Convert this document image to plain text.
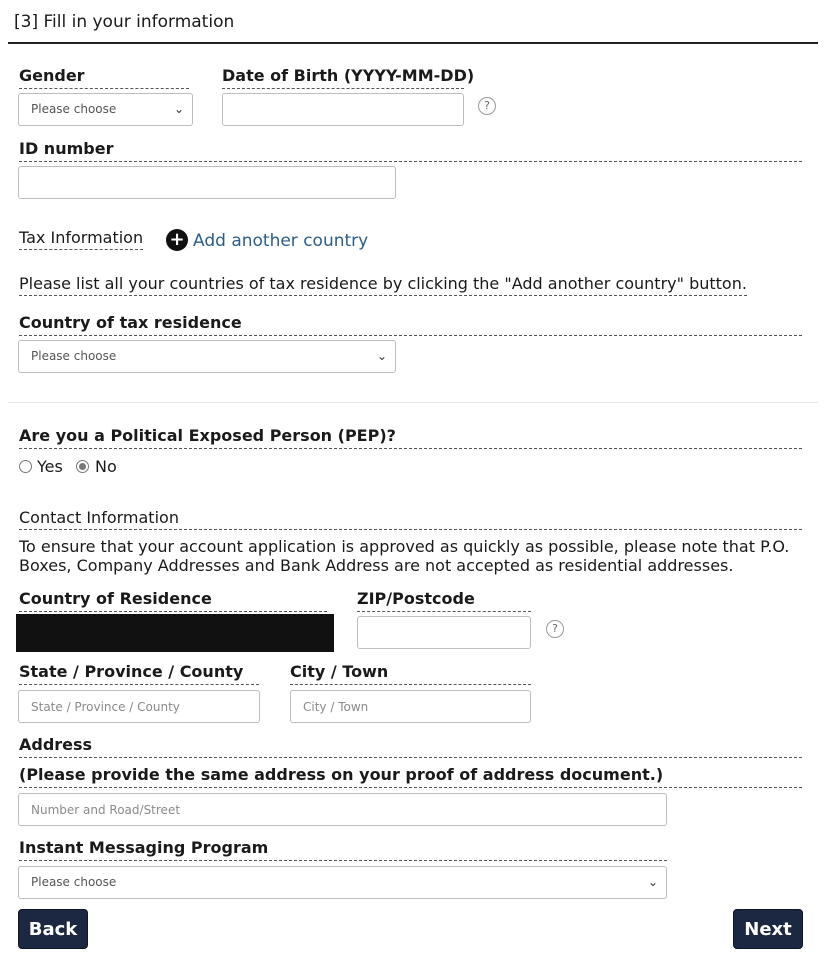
[3] Fill in your information
Gender
Please choose	⌄
Date of Birth (YYYY-MM-DD)
?
ID number
Tax Information + Add another country
Please list all your countries of tax residence by clicking the "Add another country" button.
Country of tax residence
Please choose	⌄
Are you a Political Exposed Person (PEP)?
Yes No
Contact Information
To ensure that your account application is approved as quickly as possible, please note that P.O.
Boxes, Company Addresses and Bank Address are not accepted as residential addresses.
Country of Residence	ZIP/Postcode
?
State / Province / County
State / Province / County	City / Town
City / Town
Address
(Please provide the same address on your proof of address document.)
Number and Road/Street
Instant Messaging Program
Please choose	⌄
Back	Next
